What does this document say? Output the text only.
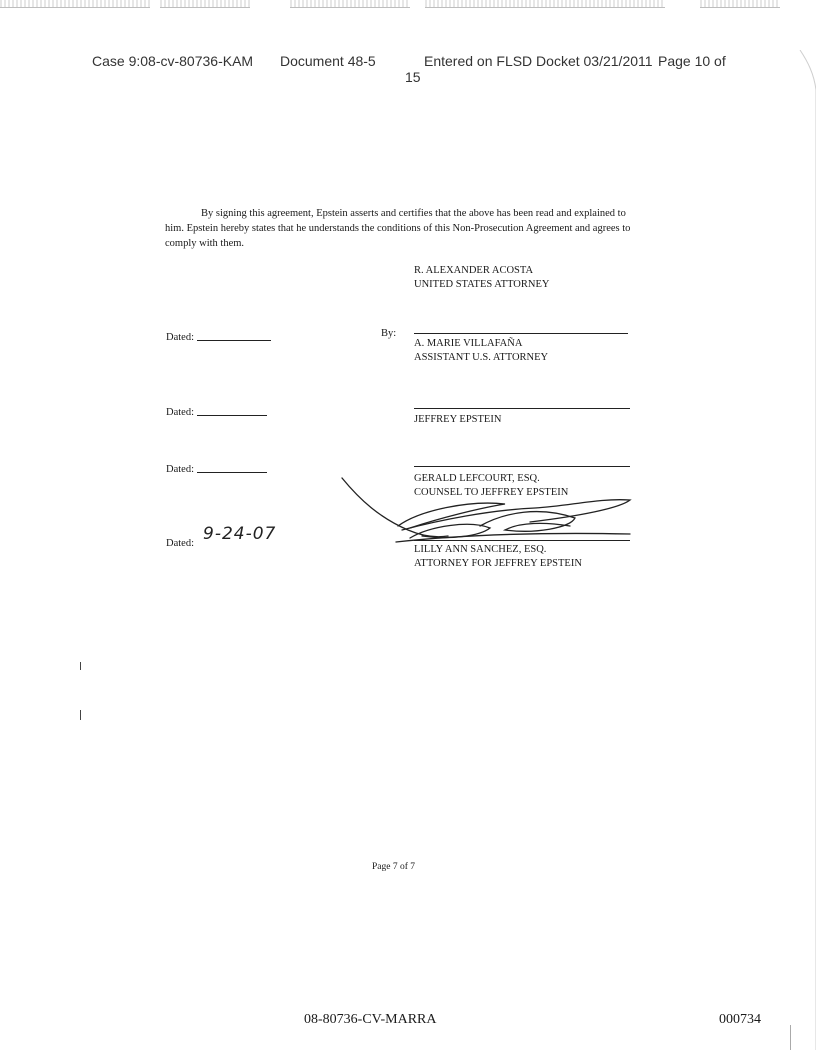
Case 9:08-cv-80736-KAM Document 48-5	Entered on FLSD Docket 03/21/2011 Page 10 of
15

By signing this agreement, Epstein asserts and certifies that the above has been read and explained to him. Epstein hereby states that he understands the conditions of this Non-Prosecution Agreement and agrees to comply with them.

R. ALEXANDER ACOSTA
UNITED STATES ATTORNEY
By:
A. MARIE VILLAFAÑA
ASSISTANT U.S. ATTORNEY
Dated:
JEFFREY EPSTEIN
Dated:
GERALD LEFCOURT, ESQ.
COUNSEL TO JEFFREY EPSTEIN
Dated:
LILLY ANN SANCHEZ, ESQ.
ATTORNEY FOR JEFFREY EPSTEIN
Dated: 9-24-07
Page 7 of 7
08-80736-CV-MARRA	000734
